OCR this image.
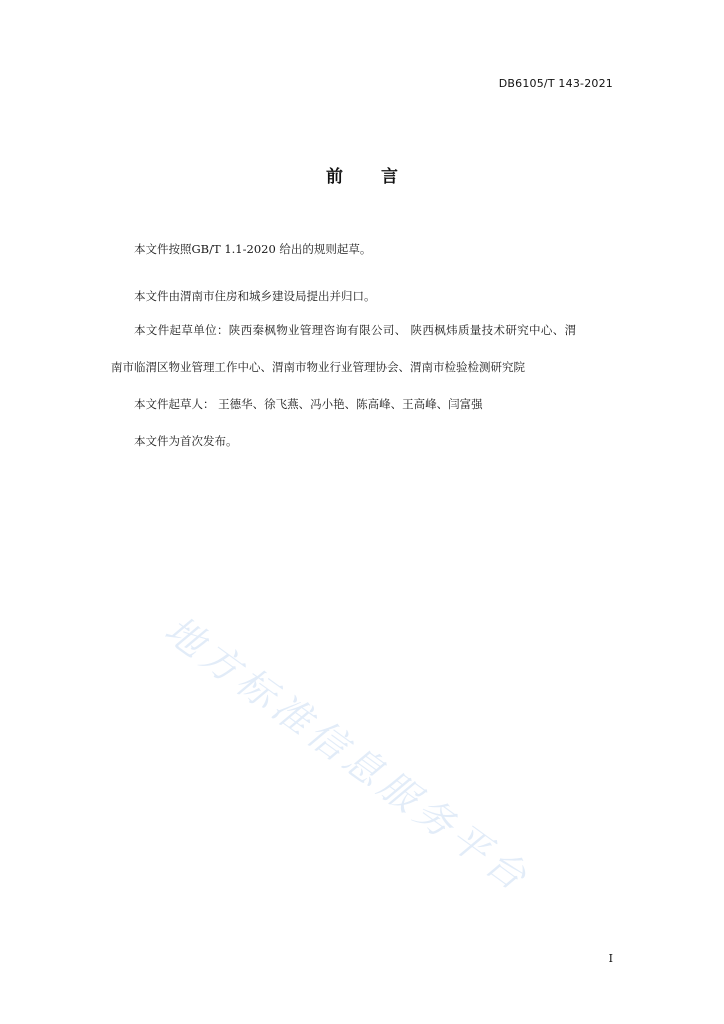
DB6105/T 143-2021
前言
本文件按照GB/T 1.1-2020 给出的规则起草。
本文件由渭南市住房和城乡建设局提出并归口。
本文件起草单位：陕西秦枫物业管理咨询有限公司、 陕西枫炜质量技术研究中心、渭
南市临渭区物业管理工作中心、渭南市物业行业管理协会、渭南市检验检测研究院
本文件起草人： 王德华、徐飞燕、冯小艳、陈高峰、王高峰、闫富强
本文件为首次发布。
地方标准信息服务平台
I
